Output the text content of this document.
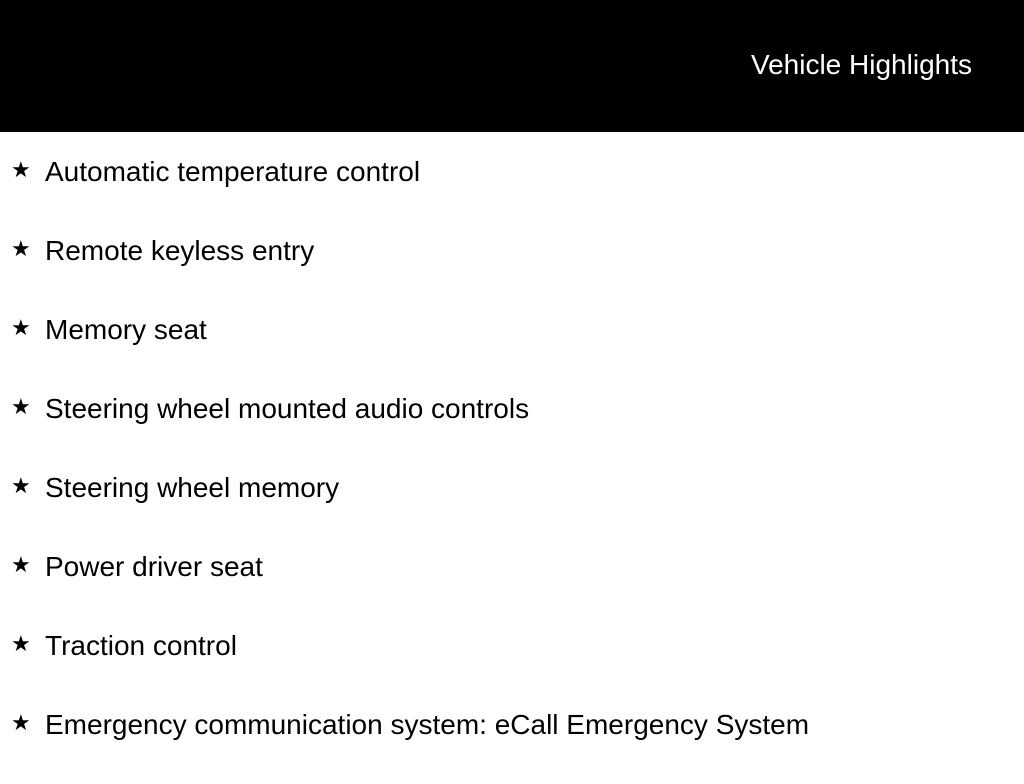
Vehicle Highlights
★ Automatic temperature control
★ Remote keyless entry
★ Memory seat
★ Steering wheel mounted audio controls
★ Steering wheel memory
★ Power driver seat
★ Traction control
★ Emergency communication system: eCall Emergency System
